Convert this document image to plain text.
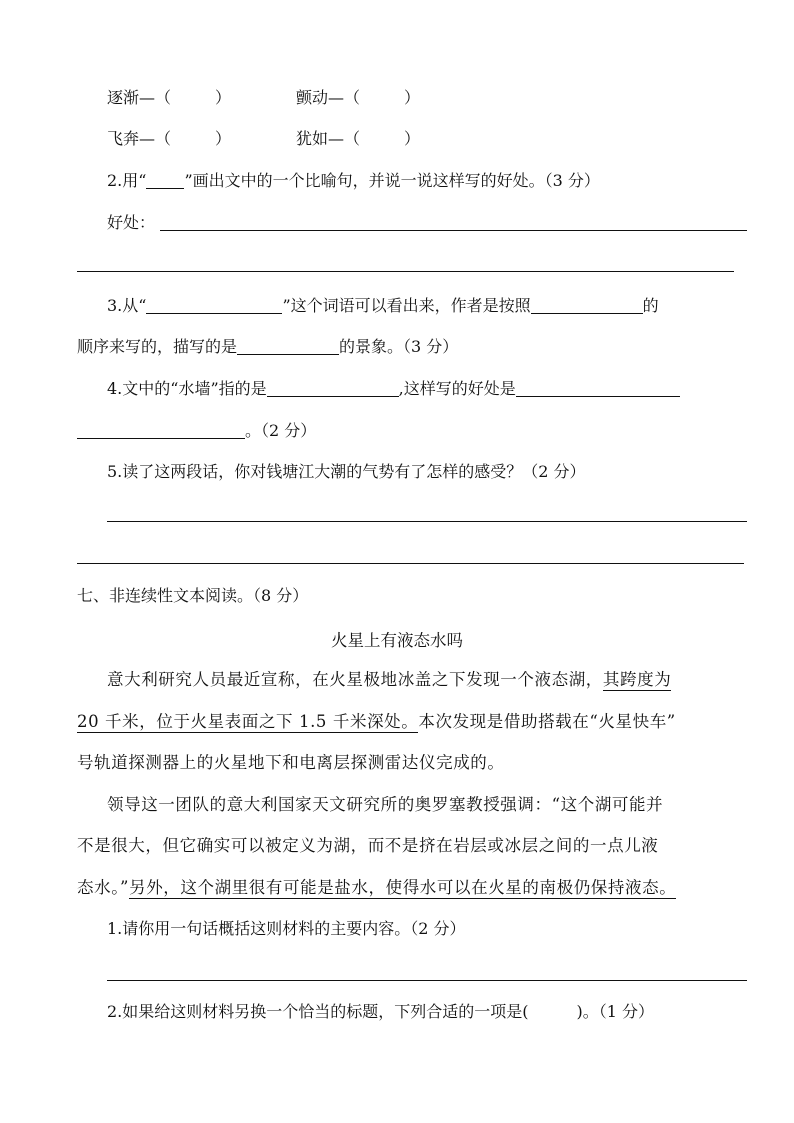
逐渐—（	）	颤动—（	）
飞奔—（	）	犹如—（	）
2.用“ ”画出文中的一个比喻句，并说一说这样写的好处。（3 分）
好处：
3.从“	”这个词语可以看出来，作者是按照	的
顺序来写的，描写的是	的景象。（3 分）
4.文中的“水墙”指的是	,这样写的好处是
。（2 分）
5.读了这两段话，你对钱塘江大潮的气势有了怎样的感受？（2 分）
七、非连续性文本阅读。（8 分）
火星上有液态水吗
意大利研究人员最近宣称，在火星极地冰盖之下发现一个液态湖，其跨度为
20 千米，位于火星表面之下 1.5 千米深处。本次发现是借助搭载在“火星快车”
号轨道探测器上的火星地下和电离层探测雷达仪完成的。
领导这一团队的意大利国家天文研究所的奥罗塞教授强调：“这个湖可能并
不是很大，但它确实可以被定义为湖，而不是挤在岩层或冰层之间的一点儿液
态水。”另外，这个湖里很有可能是盐水，使得水可以在火星的南极仍保持液态。
1.请你用一句话概括这则材料的主要内容。（2 分）
2.如果给这则材料另换一个恰当的标题，下列合适的一项是(	)。（1 分）
